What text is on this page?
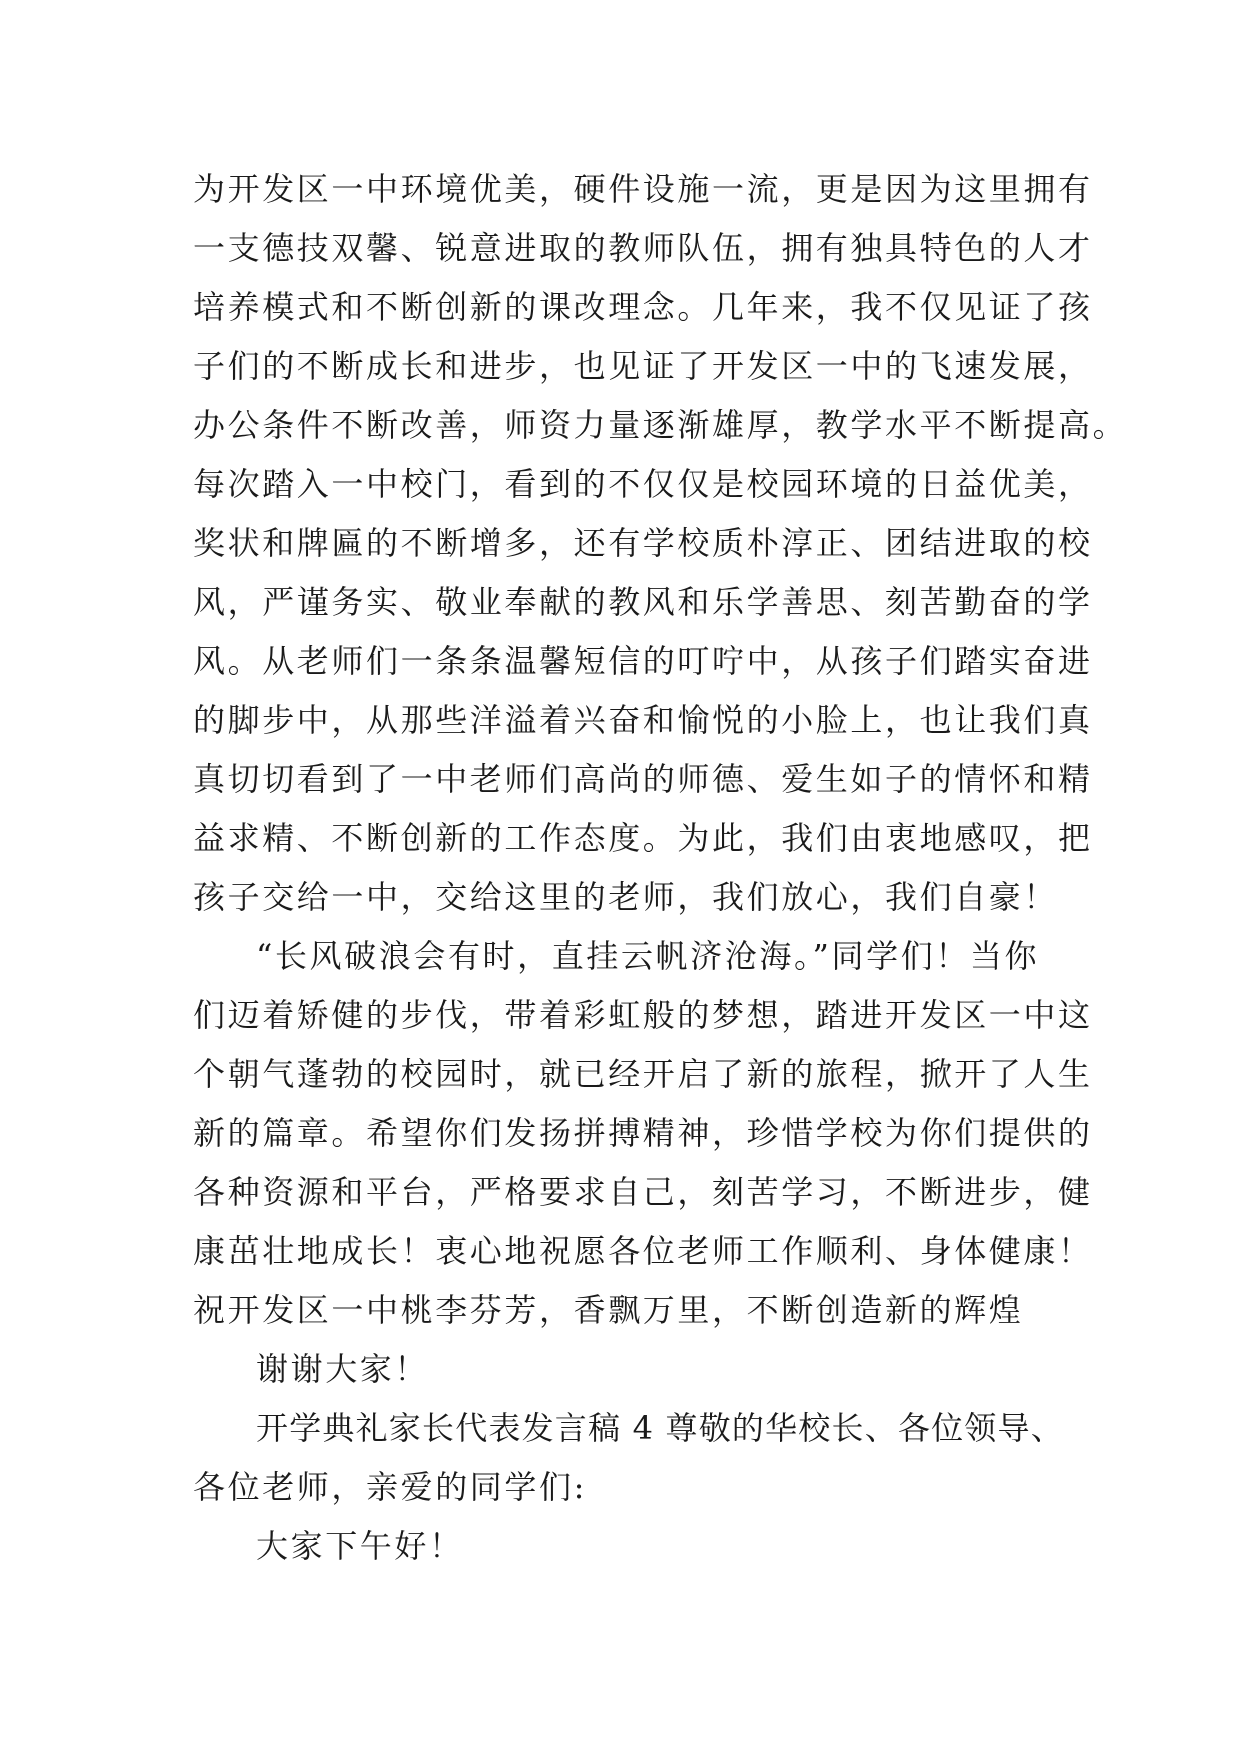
为开发区一中环境优美，硬件设施一流，更是因为这里拥有
一支德技双馨、锐意进取的教师队伍，拥有独具特色的人才
培养模式和不断创新的课改理念。几年来，我不仅见证了孩
子们的不断成长和进步，也见证了开发区一中的飞速发展，
办公条件不断改善，师资力量逐渐雄厚，教学水平不断提高。
每次踏入一中校门，看到的不仅仅是校园环境的日益优美，
奖状和牌匾的不断增多，还有学校质朴淳正、团结进取的校
风，严谨务实、敬业奉献的教风和乐学善思、刻苦勤奋的学
风。从老师们一条条温馨短信的叮咛中，从孩子们踏实奋进
的脚步中，从那些洋溢着兴奋和愉悦的小脸上，也让我们真
真切切看到了一中老师们高尚的师德、爱生如子的情怀和精
益求精、不断创新的工作态度。为此，我们由衷地感叹，把
孩子交给一中，交给这里的老师，我们放心，我们自豪！
“长风破浪会有时，直挂云帆济沧海。”同学们！当你
们迈着矫健的步伐，带着彩虹般的梦想，踏进开发区一中这
个朝气蓬勃的校园时，就已经开启了新的旅程，掀开了人生
新的篇章。希望你们发扬拼搏精神，珍惜学校为你们提供的
各种资源和平台，严格要求自己，刻苦学习，不断进步，健
康茁壮地成长！衷心地祝愿各位老师工作顺利、身体健康！
祝开发区一中桃李芬芳，香飘万里，不断创造新的辉煌
谢谢大家！
开学典礼家长代表发言稿 4 尊敬的华校长、各位领导、
各位老师，亲爱的同学们:
大家下午好！
